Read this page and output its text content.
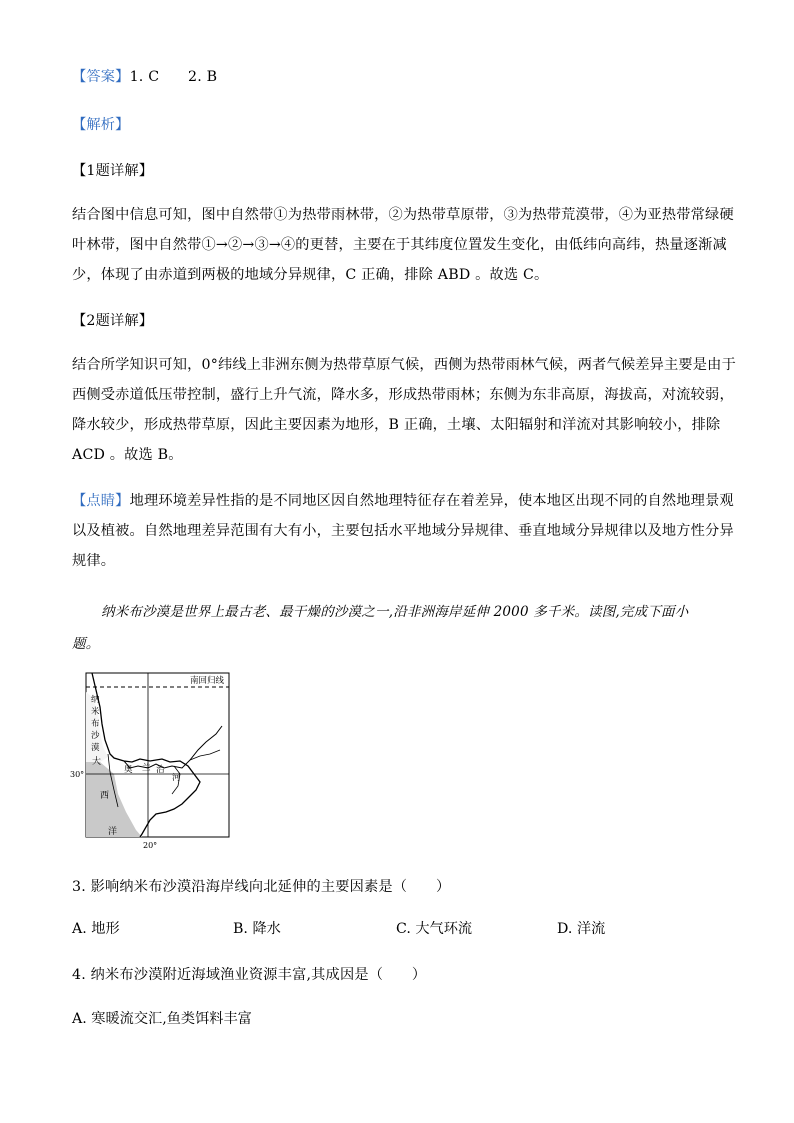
【答案】1. C　　2. B
【解析】
【1题详解】
结合图中信息可知，图中自然带①为热带雨林带，②为热带草原带，③为热带荒漠带，④为亚热带常绿硬
叶林带，图中自然带①→②→③→④的更替，主要在于其纬度位置发生变化，由低纬向高纬，热量逐渐减
少，体现了由赤道到两极的地域分异规律，C 正确，排除 ABD 。故选 C。
【2题详解】
结合所学知识可知，0°纬线上非洲东侧为热带草原气候，西侧为热带雨林气候，两者气候差异主要是由于
西侧受赤道低压带控制，盛行上升气流，降水多，形成热带雨林；东侧为东非高原，海拔高，对流较弱，
降水较少，形成热带草原，因此主要因素为地形，B 正确，土壤、太阳辐射和洋流对其影响较小，排除
ACD 。故选 B。
【点睛】地理环境差异性指的是不同地区因自然地理特征存在着差异，使本地区出现不同的自然地理景观
以及植被。自然地理差异范围有大有小，主要包括水平地域分异规律、垂直地域分异规律以及地方性分异
规律。
纳米布沙漠是世界上最古老、最干燥的沙漠之一,沿非洲海岸延伸 2000 多千米。读图,完成下面小
题。
南回归线
纳
米
布
沙
漠
大
西
洋
奥 兰 治
河
30°
20°
3. 影响纳米布沙漠沿海岸线向北延伸的主要因素是（　　）
A. 地形	B. 降水	C. 大气环流	D. 洋流
4. 纳米布沙漠附近海域渔业资源丰富,其成因是（　　）
A. 寒暖流交汇,鱼类饵料丰富
